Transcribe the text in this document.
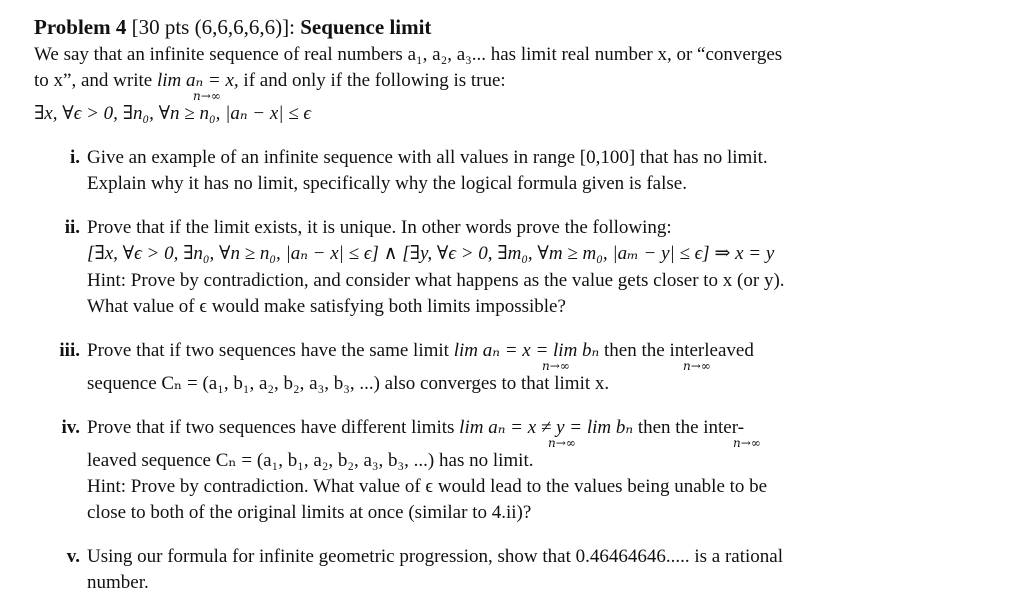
Problem 4 [30 pts (6,6,6,6,6)]: Sequence limit
We say that an infinite sequence of real numbers a₁, a₂, a₃... has limit real number x, or “converges
to x”, and write lim aₙ = x, if and only if the following is true:
n→∞
∃x, ∀ϵ > 0, ∃n₀, ∀n ≥ n₀, |aₙ − x| ≤ ϵ
i. Give an example of an infinite sequence with all values in range [0,100] that has no limit.
Explain why it has no limit, specifically why the logical formula given is false.
ii. Prove that if the limit exists, it is unique. In other words prove the following:
[∃x, ∀ϵ > 0, ∃n₀, ∀n ≥ n₀, |aₙ − x| ≤ ϵ] ∧ [∃y, ∀ϵ > 0, ∃m₀, ∀m ≥ m₀, |aₘ − y| ≤ ϵ] ⇒ x = y
Hint: Prove by contradiction, and consider what happens as the value gets closer to x (or y).
What value of ϵ would make satisfying both limits impossible?
iii. Prove that if two sequences have the same limit lim aₙ = x = lim bₙ then the interleaved
n→∞	n→∞
sequence Cₙ = (a₁, b₁, a₂, b₂, a₃, b₃, ...) also converges to that limit x.
iv. Prove that if two sequences have different limits lim aₙ = x ≠ y = lim bₙ then the inter-
n→∞	n→∞
leaved sequence Cₙ = (a₁, b₁, a₂, b₂, a₃, b₃, ...) has no limit.
Hint: Prove by contradiction. What value of ϵ would lead to the values being unable to be
close to both of the original limits at once (similar to 4.ii)?
v. Using our formula for infinite geometric progression, show that 0.46464646..... is a rational
number.
